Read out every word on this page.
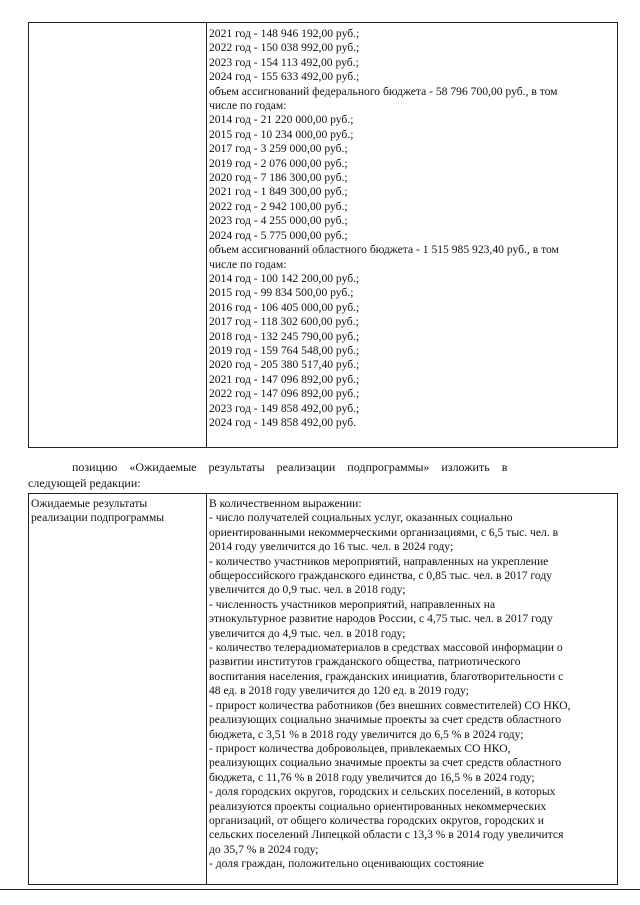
2021 год - 148 946 192,00 руб.;
2022 год - 150 038 992,00 руб.;
2023 год - 154 113 492,00 руб.;
2024 год - 155 633 492,00 руб.;
объем ассигнований федерального бюджета - 58 796 700,00 руб., в том
числе по годам:
2014 год - 21 220 000,00 руб.;
2015 год - 10 234 000,00 руб.;
2017 год - 3 259 000,00 руб.;
2019 год - 2 076 000,00 руб.;
2020 год - 7 186 300,00 руб.;
2021 год - 1 849 300,00 руб.;
2022 год - 2 942 100,00 руб.;
2023 год - 4 255 000,00 руб.;
2024 год - 5 775 000,00 руб.;
объем ассигнований областного бюджета - 1 515 985 923,40 руб., в том
числе по годам:
2014 год - 100 142 200,00 руб.;
2015 год - 99 834 500,00 руб.;
2016 год - 106 405 000,00 руб.;
2017 год - 118 302 600,00 руб.;
2018 год - 132 245 790,00 руб.;
2019 год - 159 764 548,00 руб.;
2020 год - 205 380 517,40 руб.;
2021 год - 147 096 892,00 руб.;
2022 год - 147 096 892,00 руб.;
2023 год - 149 858 492,00 руб.;
2024 год - 149 858 492,00 руб.
позицию «Ожидаемые результаты реализации подпрограммы» изложить в
следующей редакции:
Ожидаемые результаты реализации подпрограммы
В количественном выражении:
- число получателей социальных услуг, оказанных социально
ориентированными некоммерческими организациями, с 6,5 тыс. чел. в
2014 году увеличится до 16 тыс. чел. в 2024 году;
- количество участников мероприятий, направленных на укрепление
общероссийского гражданского единства, с 0,85 тыс. чел. в 2017 году
увеличится до 0,9 тыс. чел. в 2018 году;
- численность участников мероприятий, направленных на
этнокультурное развитие народов России, с 4,75 тыс. чел. в 2017 году
увеличится до 4,9 тыс. чел. в 2018 году;
- количество телерадиоматериалов в средствах массовой информации о
развитии институтов гражданского общества, патриотического
воспитания населения, гражданских инициатив, благотворительности с
48 ед. в 2018 году увеличится до 120 ед. в 2019 году;
- прирост количества работников (без внешних совместителей) СО НКО,
реализующих социально значимые проекты за счет средств областного
бюджета, с 3,51 % в 2018 году увеличится до 6,5 % в 2024 году;
- прирост количества добровольцев, привлекаемых СО НКО,
реализующих социально значимые проекты за счет средств областного
бюджета, с 11,76 % в 2018 году увеличится до 16,5 % в 2024 году;
- доля городских округов, городских и сельских поселений, в которых
реализуются проекты социально ориентированных некоммерческих
организаций, от общего количества городских округов, городских и
сельских поселений Липецкой области с 13,3 % в 2014 году увеличится
до 35,7 % в 2024 году;
- доля граждан, положительно оценивающих состояние
